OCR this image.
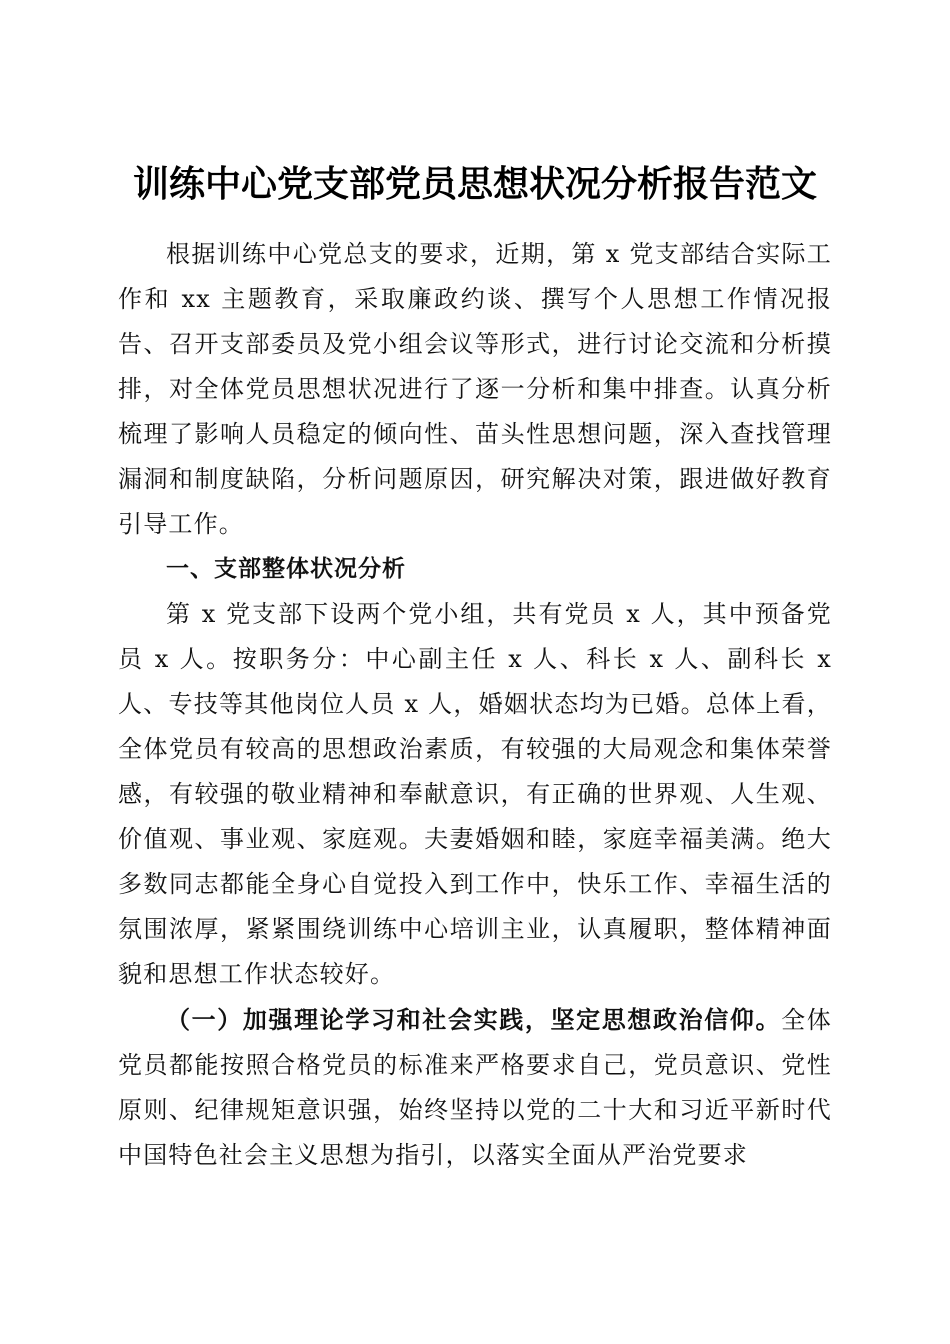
训练中心党支部党员思想状况分析报告范文

根据训练中心党总支的要求，近期，第 x 党支部结合实际工作和 xx 主题教育，采取廉政约谈、撰写个人思想工作情况报告、召开支部委员及党小组会议等形式，进行讨论交流和分析摸排，对全体党员思想状况进行了逐一分析和集中排查。认真分析梳理了影响人员稳定的倾向性、苗头性思想问题，深入查找管理漏洞和制度缺陷，分析问题原因，研究解决对策，跟进做好教育引导工作。

一、支部整体状况分析

第 x 党支部下设两个党小组，共有党员 x 人，其中预备党员 x 人。按职务分：中心副主任 x 人、科长 x 人、副科长 x 人、专技等其他岗位人员 x 人，婚姻状态均为已婚。总体上看，全体党员有较高的思想政治素质，有较强的大局观念和集体荣誉感，有较强的敬业精神和奉献意识，有正确的世界观、人生观、价值观、事业观、家庭观。夫妻婚姻和睦，家庭幸福美满。绝大多数同志都能全身心自觉投入到工作中，快乐工作、幸福生活的氛围浓厚，紧紧围绕训练中心培训主业，认真履职，整体精神面貌和思想工作状态较好。

（一）加强理论学习和社会实践，坚定思想政治信仰。全体党员都能按照合格党员的标准来严格要求自己，党员意识、党性原则、纪律规矩意识强，始终坚持以党的二十大和习近平新时代中国特色社会主义思想为指引，以落实全面从严治党要求
